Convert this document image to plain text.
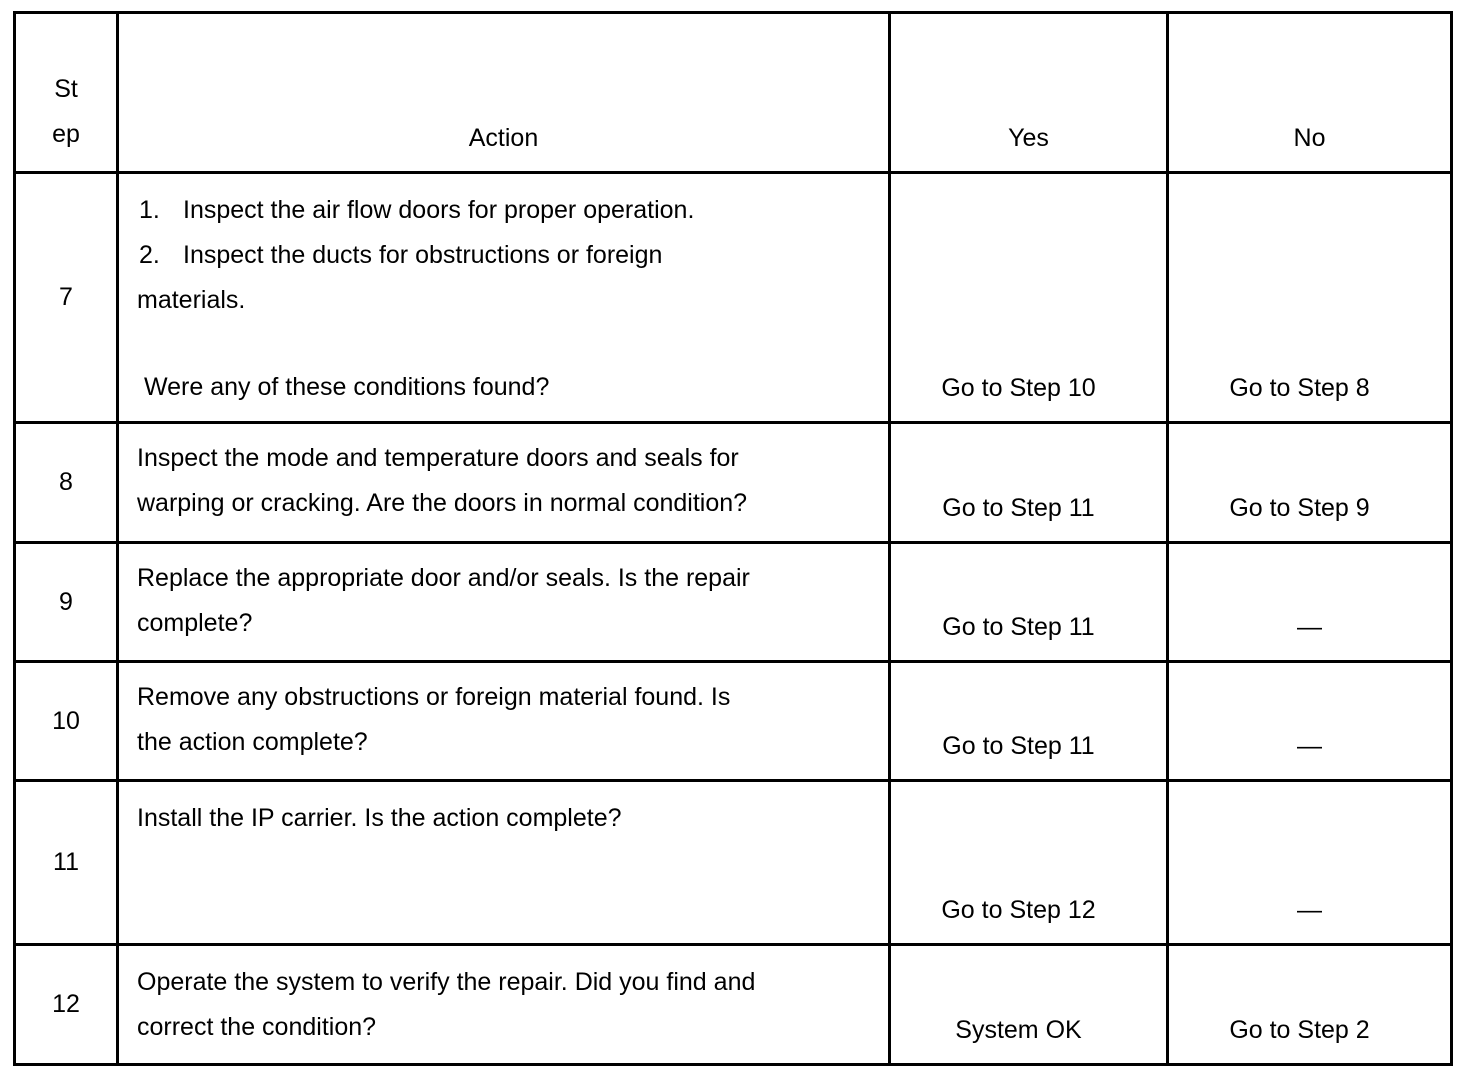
St
ep	Action	Yes	No
7	1. Inspect the air flow doors for proper operation.
2. Inspect the ducts for obstructions or foreign
materials.
Were any of these conditions found?	Go to Step 10	Go to Step 8
8	Inspect the mode and temperature doors and seals for
warping or cracking. Are the doors in normal condition?	Go to Step 11	Go to Step 9
9	Replace the appropriate door and/or seals. Is the repair
complete?	Go to Step 11	—
10	Remove any obstructions or foreign material found. Is
the action complete?	Go to Step 11	—
11	Install the IP carrier. Is the action complete?	Go to Step 12	—
12	Operate the system to verify the repair. Did you find and
correct the condition?	System OK	Go to Step 2
